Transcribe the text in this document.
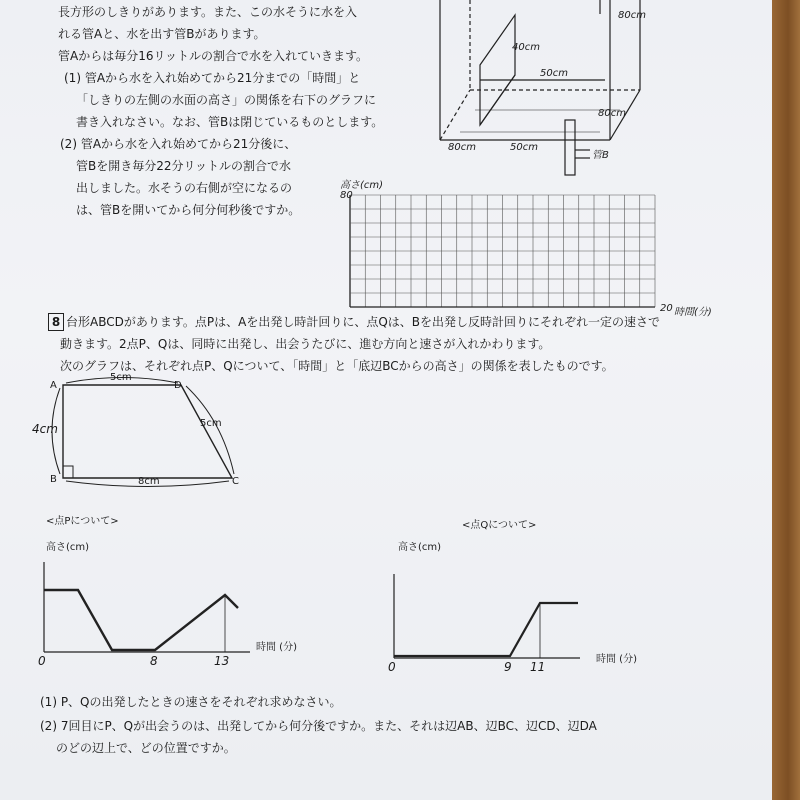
長方形のしきりがあります。また、この水そうに水を入
れる管Aと、水を出す管Bがあります。
管Aからは毎分16リットルの割合で水を入れていきます。
(1) 管Aから水を入れ始めてから21分までの「時間」と
「しきりの左側の水面の高さ」の関係を右下のグラフに
書き入れなさい。なお、管Bは閉じているものとします。
(2) 管Aから水を入れ始めてから21分後に、
管Bを開き毎分22分リットルの割合で水
出しました。水そうの右側が空になるの
は、管Bを開いてから何分何秒後ですか。
80cm
40cm
50cm
80cm
80cm	50cm
管B
高さ(cm)
80
20 時間(分)
8 台形ABCDがあります。点Pは、Aを出発し時計回りに、点Qは、Bを出発し反時計回りにそれぞれ一定の速さで
動きます。2点P、Qは、同時に出発し、出会うたびに、進む方向と速さが入れかわります。
次のグラフは、それぞれ点P、Qについて、「時間」と「底辺BCからの高さ」の関係を表したものです。
A	D
B	C
5cm
4cm	5cm
8cm
<点Pについて>
高さ(cm)
0	8	13
時間 (分)
<点Qについて>
高さ(cm)
0	9 11
時間 (分)
(1) P、Qの出発したときの速さをそれぞれ求めなさい。
(2) 7回目にP、Qが出会うのは、出発してから何分後ですか。また、それは辺AB、辺BC、辺CD、辺DA
のどの辺上で、どの位置ですか。
